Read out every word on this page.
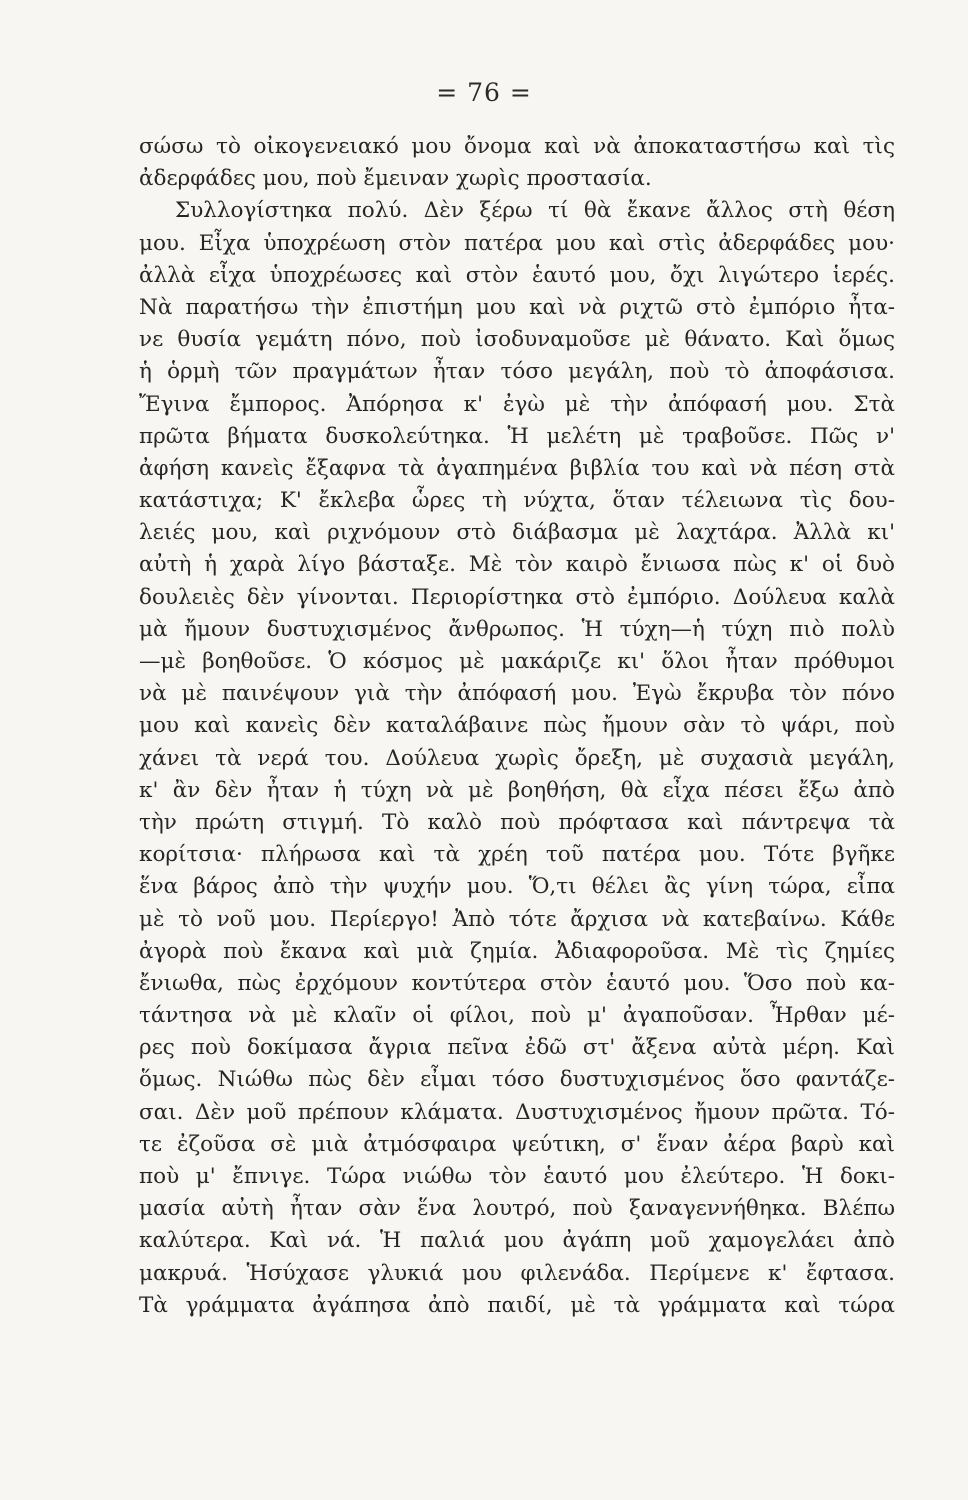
= 76 =
σώσω τὸ οἰκογενειακό μου ὄνομα καὶ νὰ ἀποκαταστήσω καὶ τὶς
ἀδερφάδες μου, ποὺ ἔμειναν χωρὶς προστασία.
Συλλογίστηκα πολύ. Δὲν ξέρω τί θὰ ἔκανε ἄλλος στὴ θέση
μου. Εἶχα ὑποχρέωση στὸν πατέρα μου καὶ στὶς ἀδερφάδες μου·
ἀλλὰ εἶχα ὑποχρέωσες καὶ στὸν ἑαυτό μου, ὄχι λιγώτερο ἱερές.
Νὰ παρατήσω τὴν ἐπιστήμη μου καὶ νὰ ριχτῶ στὸ ἐμπόριο ἦτα-
νε θυσία γεμάτη πόνο, ποὺ ἰσοδυναμοῦσε μὲ θάνατο. Καὶ ὅμως
ἡ ὁρμὴ τῶν πραγμάτων ἦταν τόσο μεγάλη, ποὺ τὸ ἀποφάσισα.
Ἔγινα ἔμπορος. Ἀπόρησα κ' ἐγὼ μὲ τὴν ἀπόφασή μου. Στὰ
πρῶτα βήματα δυσκολεύτηκα. Ἡ μελέτη μὲ τραβοῦσε. Πῶς ν'
ἀφήση κανεὶς ἔξαφνα τὰ ἀγαπημένα βιβλία του καὶ νὰ πέση στὰ
κατάστιχα; Κ' ἔκλεβα ὧρες τὴ νύχτα, ὅταν τέλειωνα τὶς δου-
λειές μου, καὶ ριχνόμουν στὸ διάβασμα μὲ λαχτάρα. Ἀλλὰ κι'
αὐτὴ ἡ χαρὰ λίγο βάσταξε. Μὲ τὸν καιρὸ ἔνιωσα πὼς κ' οἱ δυὸ
δουλειὲς δὲν γίνονται. Περιορίστηκα στὸ ἐμπόριο. Δούλευα καλὰ
μὰ ἤμουν δυστυχισμένος ἄνθρωπος. Ἡ τύχη—ἡ τύχη πιὸ πολὺ
—μὲ βοηθοῦσε. Ὁ κόσμος μὲ μακάριζε κι' ὅλοι ἦταν πρόθυμοι
νὰ μὲ παινέψουν γιὰ τὴν ἀπόφασή μου. Ἐγὼ ἔκρυβα τὸν πόνο
μου καὶ κανεὶς δὲν καταλάβαινε πὼς ἤμουν σὰν τὸ ψάρι, ποὺ
χάνει τὰ νερά του. Δούλευα χωρὶς ὄρεξη, μὲ συχασιὰ μεγάλη,
κ' ἂν δὲν ἦταν ἡ τύχη νὰ μὲ βοηθήση, θὰ εἶχα πέσει ἔξω ἀπὸ
τὴν πρώτη στιγμή. Τὸ καλὸ ποὺ πρόφτασα καὶ πάντρεψα τὰ
κορίτσια· πλήρωσα καὶ τὰ χρέη τοῦ πατέρα μου. Τότε βγῆκε
ἕνα βάρος ἀπὸ τὴν ψυχήν μου. Ὅ,τι θέλει ἂς γίνη τώρα, εἶπα
μὲ τὸ νοῦ μου. Περίεργο! Ἀπὸ τότε ἄρχισα νὰ κατεβαίνω. Κάθε
ἀγορὰ ποὺ ἔκανα καὶ μιὰ ζημία. Ἀδιαφοροῦσα. Μὲ τὶς ζημίες
ἔνιωθα, πὼς ἐρχόμουν κοντύτερα στὸν ἑαυτό μου. Ὅσο ποὺ κα-
τάντησα νὰ μὲ κλαῖν οἱ φίλοι, ποὺ μ' ἀγαποῦσαν. Ἦρθαν μέ-
ρες ποὺ δοκίμασα ἄγρια πεῖνα ἐδῶ στ' ἄξενα αὐτὰ μέρη. Καὶ
ὅμως. Νιώθω πὼς δὲν εἶμαι τόσο δυστυχισμένος ὅσο φαντάζε-
σαι. Δὲν μοῦ πρέπουν κλάματα. Δυστυχισμένος ἤμουν πρῶτα. Τό-
τε ἐζοῦσα σὲ μιὰ ἀτμόσφαιρα ψεύτικη, σ' ἕναν ἀέρα βαρὺ καὶ
ποὺ μ' ἔπνιγε. Τώρα νιώθω τὸν ἑαυτό μου ἐλεύτερο. Ἡ δοκι-
μασία αὐτὴ ἦταν σὰν ἕνα λουτρό, ποὺ ξαναγεννήθηκα. Βλέπω
καλύτερα. Καὶ νά. Ἡ παλιά μου ἀγάπη μοῦ χαμογελάει ἀπὸ
μακρυά. Ἡσύχασε γλυκιά μου φιλενάδα. Περίμενε κ' ἔφτασα.
Τὰ γράμματα ἀγάπησα ἀπὸ παιδί, μὲ τὰ γράμματα καὶ τώρα
